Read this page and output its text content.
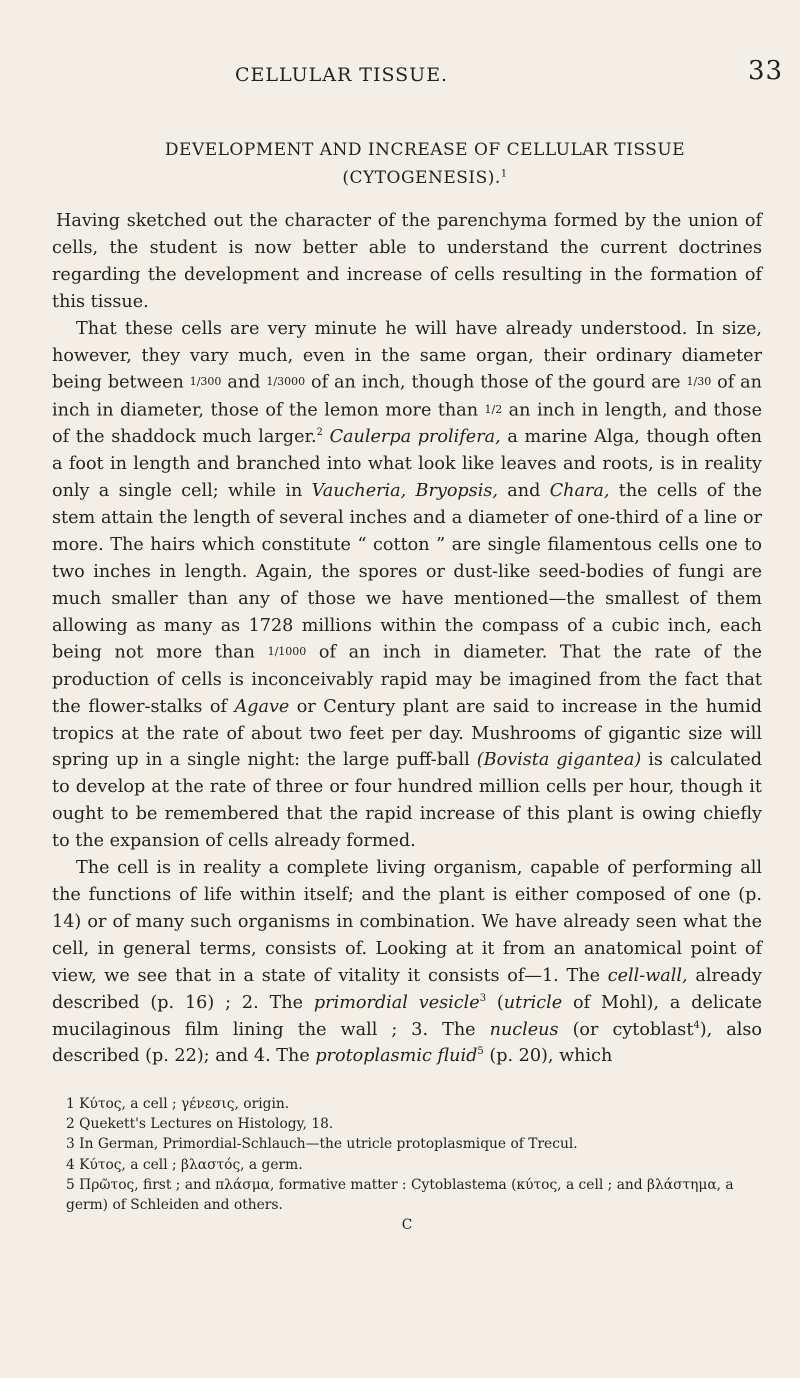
CELLULAR TISSUE.	33
DEVELOPMENT AND INCREASE OF CELLULAR TISSUE
(CYTOGENESIS).$^1$

Having sketched out the character of the parenchyma formed by the union of cells, the student is now better able to understand the current doctrines regarding the development and increase of cells resulting in the formation of this tissue.

That these cells are very minute he will have already understood. In size, however, they vary much, even in the same organ, their ordinary diameter being between 1/300 and 1/3000 of an inch, though those of the gourd are 1/30 of an inch in diameter, those of the lemon more than 1/2 an inch in length, and those of the shaddock much larger.$^2$ Caulerpa prolifera, a marine Alga, though often a foot in length and branched into what look like leaves and roots, is in reality only a single cell; while in Vaucheria, Bryopsis, and Chara, the cells of the stem attain the length of several inches and a diameter of one-third of a line or more. The hairs which constitute “ cotton ” are single filamentous cells one to two inches in length. Again, the spores or dust-like seed-bodies of fungi are much smaller than any of those we have mentioned—the smallest of them allowing as many as 1728 millions within the compass of a cubic inch, each being not more than 1/1000 of an inch in diameter. That the rate of the production of cells is inconceivably rapid may be imagined from the fact that the flower-stalks of Agave or Century plant are said to increase in the humid tropics at the rate of about two feet per day. Mushrooms of gigantic size will spring up in a single night: the large puff-ball (Bovista gigantea) is calculated to develop at the rate of three or four hundred million cells per hour, though it ought to be remembered that the rapid increase of this plant is owing chiefly to the expansion of cells already formed.

The cell is in reality a complete living organism, capable of performing all the functions of life within itself; and the plant is either composed of one (p. 14) or of many such organisms in combination. We have already seen what the cell, in general terms, consists of. Looking at it from an anatomical point of view, we see that in a state of vitality it consists of—1. The cell-wall, already described (p. 16) ; 2. The primordial vesicle$^3$ (utricle of Mohl), a delicate mucilaginous film lining the wall ; 3. The nucleus (or cytoblast$^4$), also described (p. 22); and 4. The protoplasmic fluid$^5$ (p. 20), which

1 Κύτος, a cell ; γένεσις, origin.
2 Quekett's Lectures on Histology, 18.
3 In German, Primordial-Schlauch—the utricle protoplasmique of Trecul.
4 Κύτος, a cell ; βλαστός, a germ.
5 Πρῶτος, first ; and πλάσμα, formative matter : Cytoblastema (κύτος, a cell ; and βλάστημα, a germ) of Schleiden and others.
C
